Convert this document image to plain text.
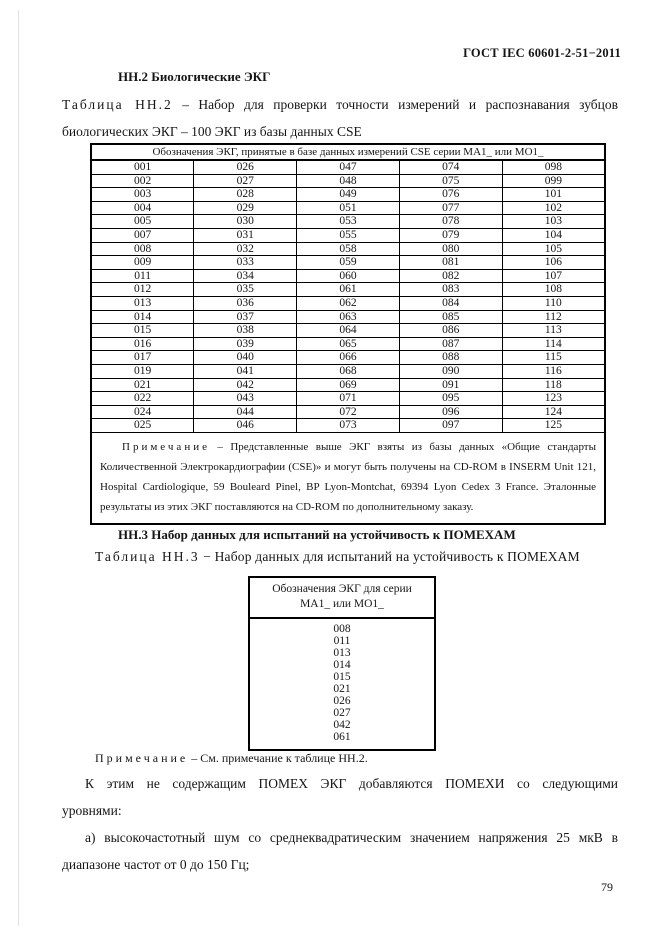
ГОСТ IEC 60601-2-51−2011
НН.2 Биологические ЭКГ
Таблица НН.2 – Набор для проверки точности измерений и распознавания зубцов
биологических ЭКГ – 100 ЭКГ из базы данных CSE
Обозначения ЭКГ, принятые в базе данных измерений CSE серии МА1_ или МО1_				
001	026	047	074	098
002	027	048	075	099
003	028	049	076	101
004	029	051	077	102
005	030	053	078	103
007	031	055	079	104
008	032	058	080	105
009	033	059	081	106
011	034	060	082	107
012	035	061	083	108
013	036	062	084	110
014	037	063	085	112
015	038	064	086	113
016	039	065	087	114
017	040	066	088	115
019	041	068	090	116
021	042	069	091	118
022	043	071	095	123
024	044	072	096	124
025	046	073	097	125

Примечание – Представленные выше ЭКГ взяты из базы данных «Общие стандарты
Количественной Электрокардиографии (CSE)» и могут быть получены на CD-ROM в INSERM Unit 121,
Hospital Cardiologique, 59 Bouleard Pinel, BP Lyon-Montchat, 69394 Lyon Cedex 3 France. Эталонные
результаты из этих ЭКГ поставляются на CD-ROM по дополнительному заказу.				
НН.3 Набор данных для испытаний на устойчивость к ПОМЕХАМ
Таблица НН.3 − Набор данных для испытаний на устойчивость к ПОМЕХАМ
Обозначения ЭКГ для серии
МА1_ или МО1_
008
011
013
014
015
021
026
027
042
061
Примечание – См. примечание к таблице НН.2.
К этим не содержащим ПОМЕХ ЭКГ добавляются ПОМЕХИ со следующими
уровнями:
а) высокочастотный шум со среднеквадратическим значением напряжения 25 мкВ в
диапазоне частот от 0 до 150 Гц;
79
